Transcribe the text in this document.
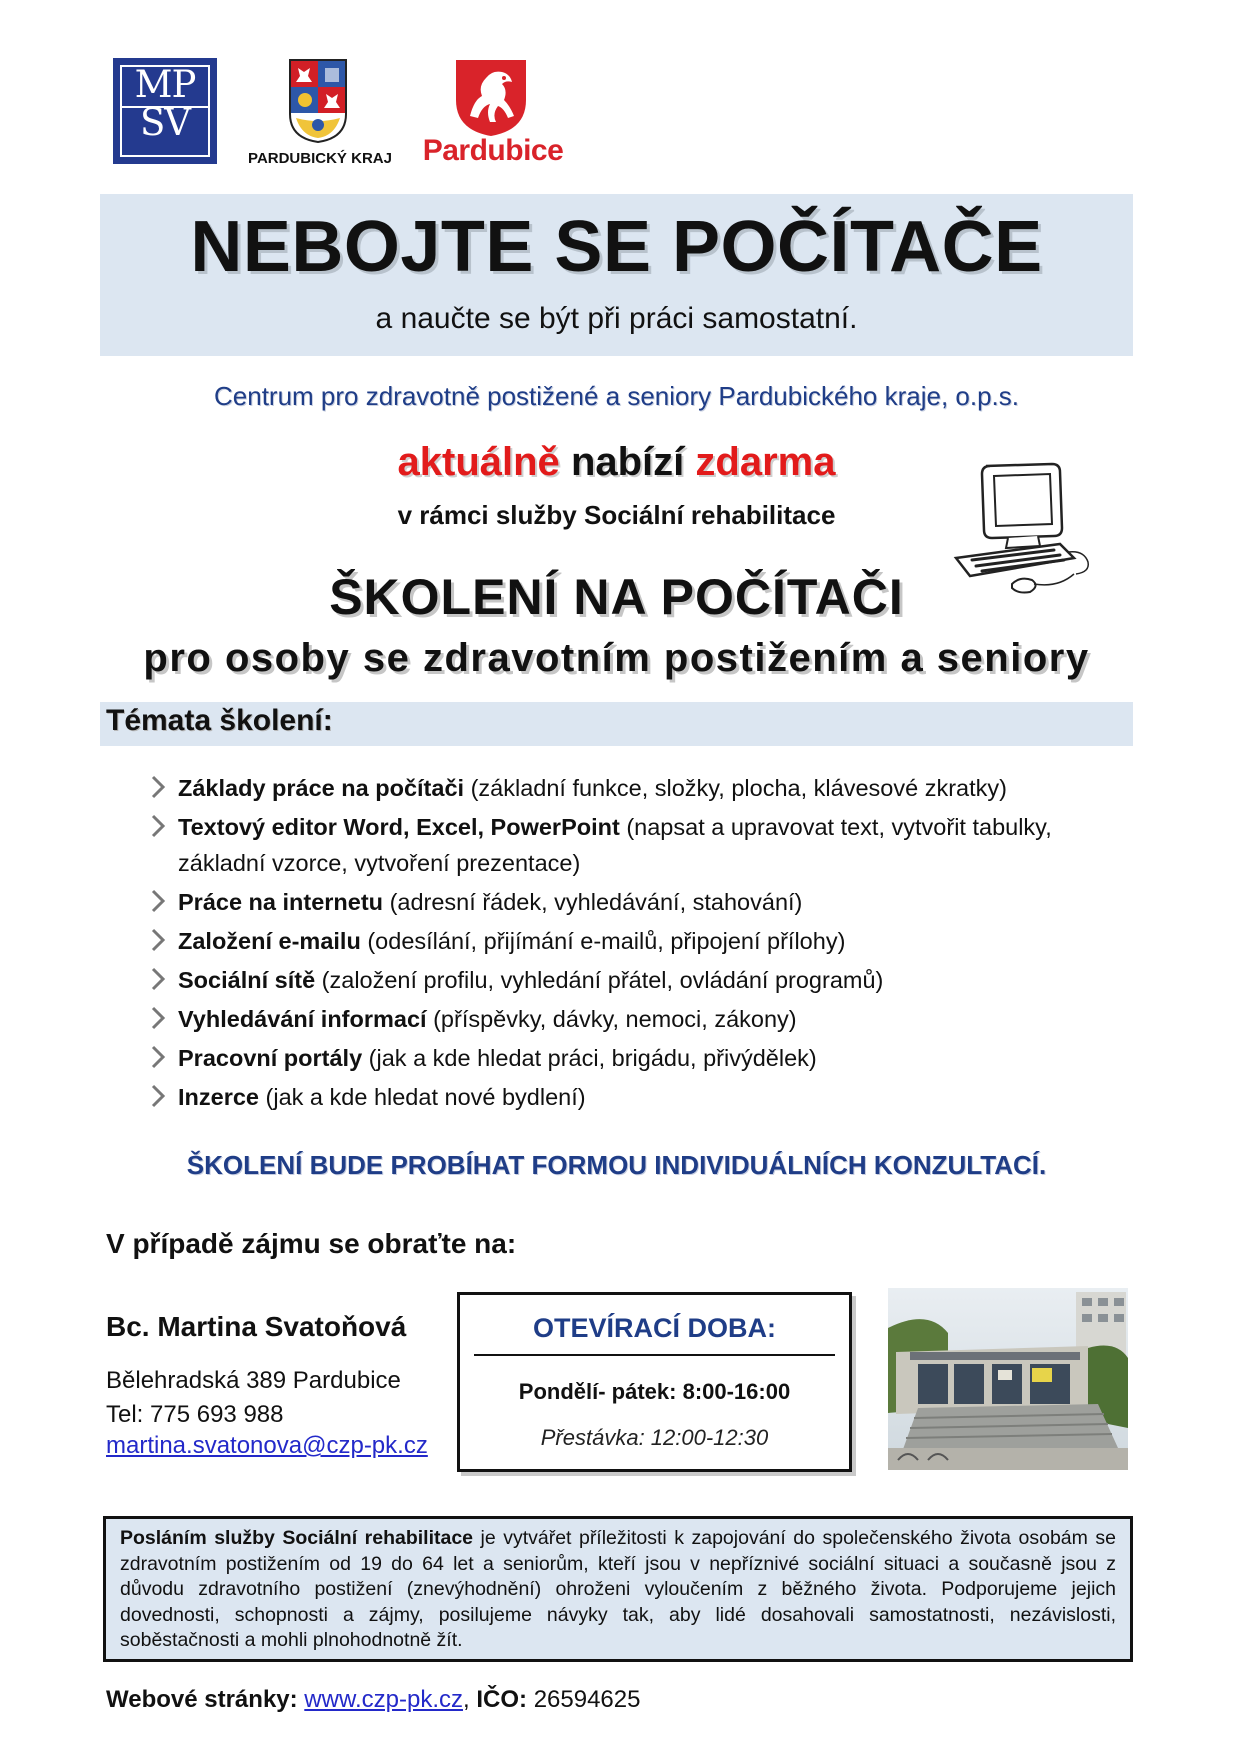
MP
SV
PARDUBICKÝ KRAJ Pardubice
NEBOJTE SE POČÍTAČE
a naučte se být při práci samostatní.
Centrum pro zdravotně postižené a seniory Pardubického kraje, o.p.s.
aktuálně nabízí zdarma
v rámci služby Sociální rehabilitace
ŠKOLENÍ NA POČÍTAČI
pro osoby se zdravotním postižením a seniory
Témata školení:
Základy práce na počítači (základní funkce, složky, plocha, klávesové zkratky)
Textový editor Word, Excel, PowerPoint (napsat a upravovat text, vytvořit tabulky, základní vzorce, vytvoření prezentace)
Práce na internetu (adresní řádek, vyhledávání, stahování)
Založení e-mailu (odesílání, přijímání e-mailů, připojení přílohy)
Sociální sítě (založení profilu, vyhledání přátel, ovládání programů)
Vyhledávání informací (příspěvky, dávky, nemoci, zákony)
Pracovní portály (jak a kde hledat práci, brigádu, přivýdělek)
Inzerce (jak a kde hledat nové bydlení)
ŠKOLENÍ BUDE PROBÍHAT FORMOU INDIVIDUÁLNÍCH KONZULTACÍ.
V případě zájmu se obraťte na:
Bc. Martina Svatoňová
Bělehradská 389 Pardubice
Tel: 775 693 988
martina.svatonova@czp-pk.cz
OTEVÍRACÍ DOBA:
Pondělí- pátek: 8:00-16:00
Přestávka: 12:00-12:30

Posláním služby Sociální rehabilitace je vytvářet příležitosti k zapojování do společenského života osobám se zdravotním postižením od 19 do 64 let a seniorům, kteří jsou v nepříznivé sociální situaci a současně jsou z důvodu zdravotního postižení (znevýhodnění) ohroženi vyloučením z běžného života. Podporujeme jejich dovednosti, schopnosti a zájmy, posilujeme návyky tak, aby lidé dosahovali samostatnosti, nezávislosti, soběstačnosti a mohli plnohodnotně žít.

Webové stránky: www.czp-pk.cz, IČO: 26594625
